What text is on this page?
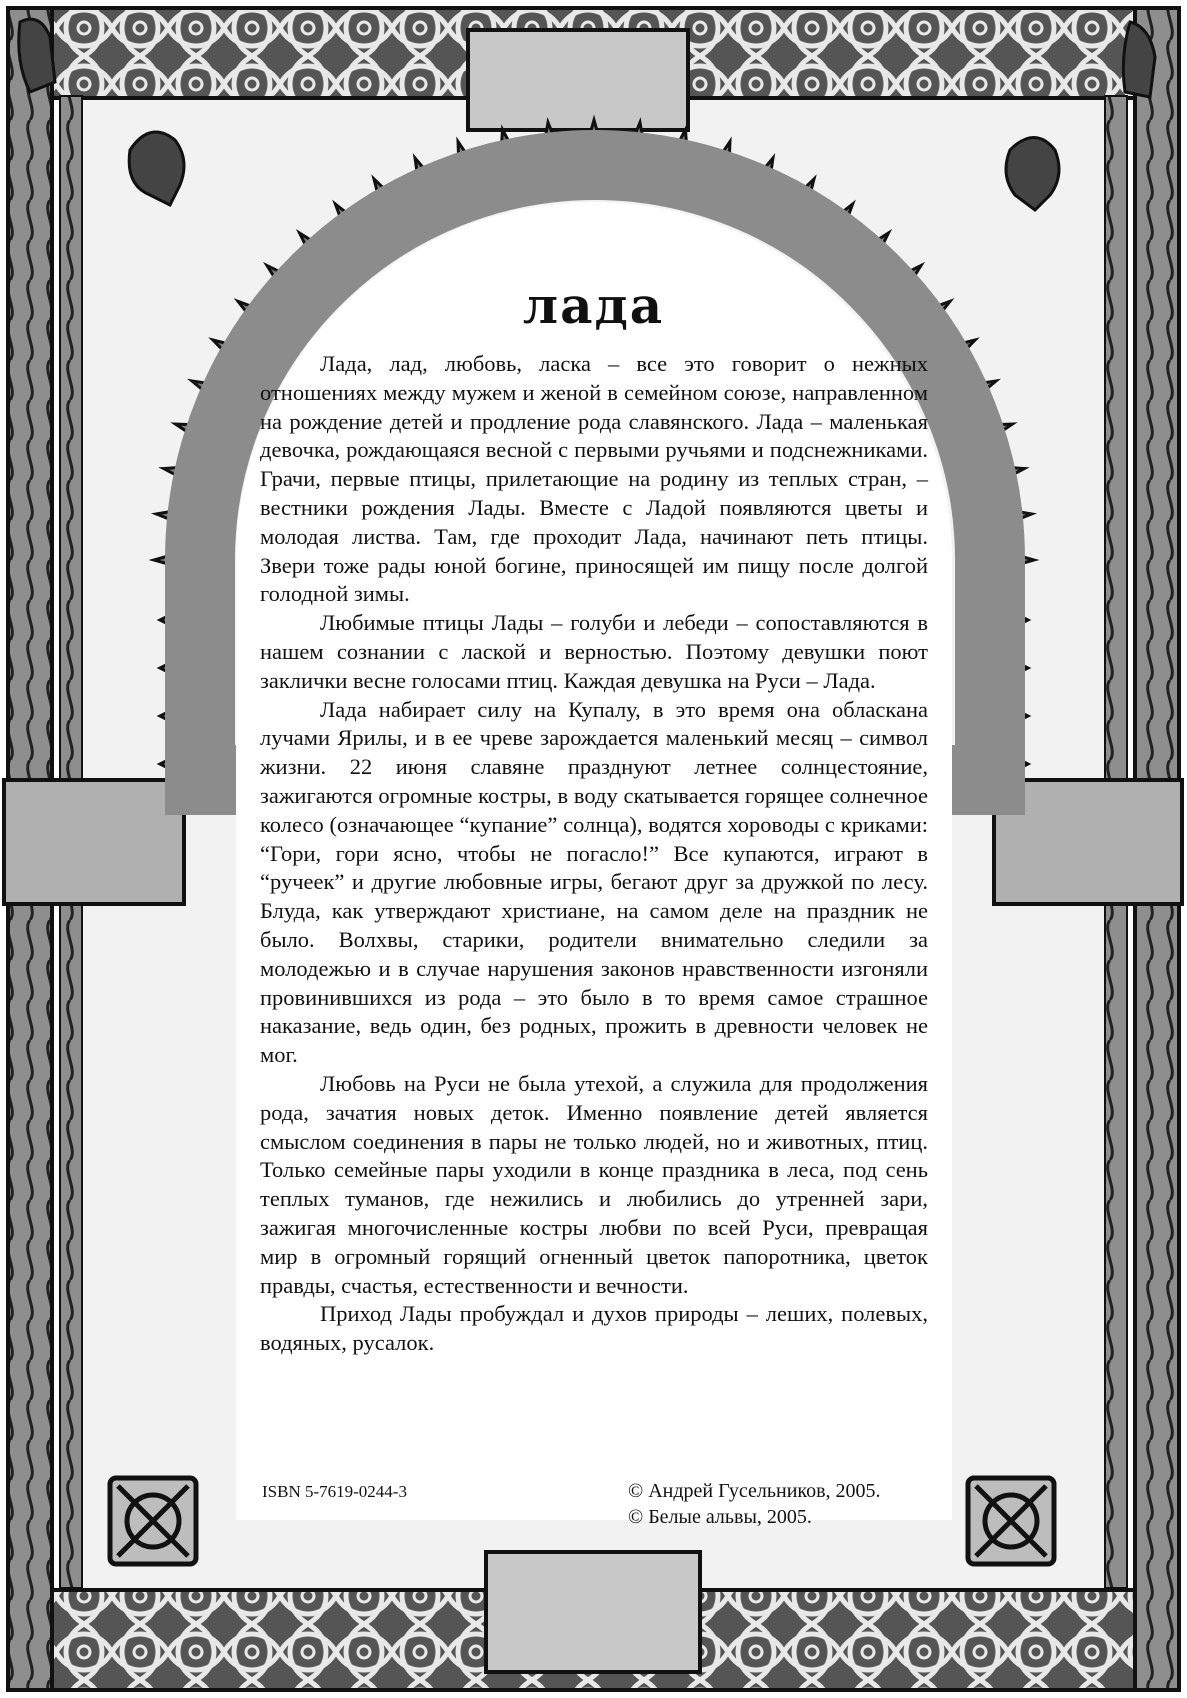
лада

Лада, лад, любовь, ласка – все это говорит о нежных отношениях между мужем и женой в семейном союзе, направленном на рождение детей и продление рода славянского. Лада – маленькая девочка, рождающаяся весной с первыми ручьями и подснежниками. Грачи, первые птицы, прилетающие на родину из теплых стран, – вестники рождения Лады. Вместе с Ладой появляются цветы и молодая листва. Там, где проходит Лада, начинают петь птицы. Звери тоже рады юной богине, приносящей им пищу после долгой голодной зимы.

Любимые птицы Лады – голуби и лебеди – сопоставляются в нашем сознании с лаской и верностью. Поэтому девушки поют заклички весне голосами птиц. Каждая девушка на Руси – Лада.

Лада набирает силу на Купалу, в это время она обласкана лучами Ярилы, и в ее чреве зарождается маленький месяц – символ жизни. 22 июня славяне празднуют летнее солнцестояние, зажигаются огромные костры, в воду скатывается горящее солнечное колесо (означающее “купание” солнца), водятся хороводы с криками: “Гори, гори ясно, чтобы не погасло!” Все купаются, играют в “ручеек” и другие любовные игры, бегают друг за дружкой по лесу. Блуда, как утверждают христиане, на самом деле на праздник не было. Волхвы, старики, родители внимательно следили за молодежью и в случае нарушения законов нравственности изгоняли провинившихся из рода – это было в то время самое страшное наказание, ведь один, без родных, прожить в древности человек не мог.

Любовь на Руси не была утехой, а служила для продолжения рода, зачатия новых деток. Именно появление детей является смыслом соединения в пары не только людей, но и животных, птиц. Только семейные пары уходили в конце праздника в леса, под сень теплых туманов, где нежились и любились до утренней зари, зажигая многочисленные костры любви по всей Руси, превращая мир в огромный горящий огненный цветок папоротника, цветок правды, счастья, естественности и вечности.

Приход Лады пробуждал и духов природы – леших, полевых, водяных, русалок.

ISBN 5-7619-0244-3	© Андрей Гусельников, 2005.
© Белые альвы, 2005.
